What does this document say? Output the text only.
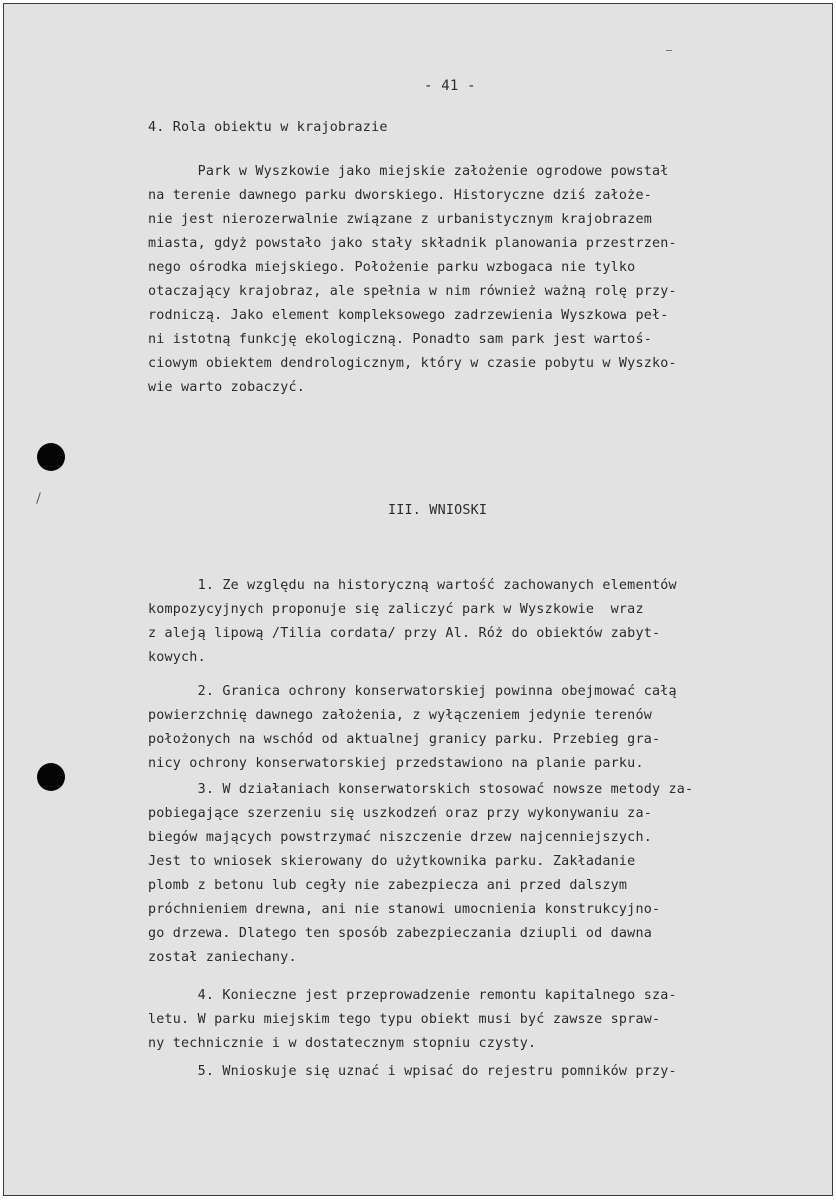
- 41 -
4. Rola obiektu w krajobrazie
Park w Wyszkowie jako miejskie założenie ogrodowe powstał
na terenie dawnego parku dworskiego. Historyczne dziś założe-
nie jest nierozerwalnie związane z urbanistycznym krajobrazem
miasta, gdyż powstało jako stały składnik planowania przestrzen-
nego ośrodka miejskiego. Położenie parku wzbogaca nie tylko
otaczający krajobraz, ale spełnia w nim również ważną rolę przy-
rodniczą. Jako element kompleksowego zadrzewienia Wyszkowa peł-
ni istotną funkcję ekologiczną. Ponadto sam park jest wartoś-
ciowym obiektem dendrologicznym, który w czasie pobytu w Wyszko-
wie warto zobaczyć.
III. WNIOSKI
1. Ze względu na historyczną wartość zachowanych elementów
kompozycyjnych proponuje się zaliczyć park w Wyszkowie  wraz
z aleją lipową /Tilia cordata/ przy Al. Róż do obiektów zabyt-
kowych.
2. Granica ochrony konserwatorskiej powinna obejmować całą
powierzchnię dawnego założenia, z wyłączeniem jedynie terenów
położonych na wschód od aktualnej granicy parku. Przebieg gra-
nicy ochrony konserwatorskiej przedstawiono na planie parku.
3. W działaniach konserwatorskich stosować nowsze metody za-
pobiegające szerzeniu się uszkodzeń oraz przy wykonywaniu za-
biegów mających powstrzymać niszczenie drzew najcenniejszych.
Jest to wniosek skierowany do użytkownika parku. Zakładanie
plomb z betonu lub cegły nie zabezpiecza ani przed dalszym
próchnieniem drewna, ani nie stanowi umocnienia konstrukcyjno-
go drzewa. Dlatego ten sposób zabezpieczania dziupli od dawna
został zaniechany.
4. Konieczne jest przeprowadzenie remontu kapitalnego sza-
letu. W parku miejskim tego typu obiekt musi być zawsze spraw-
ny technicznie i w dostatecznym stopniu czysty.
5. Wnioskuje się uznać i wpisać do rejestru pomników przy-
